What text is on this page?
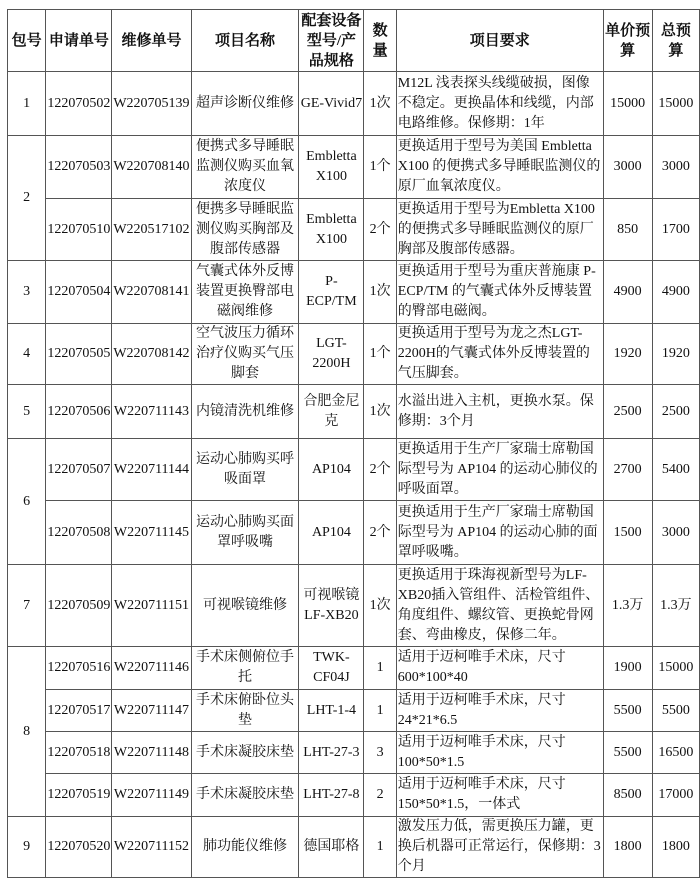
包号	申请单号	维修单号	项目名称	配套设备型号/产品规格	数量	项目要求	单价预算	总预算
1	122070502	W220705139	超声诊断仪维修	GE-Vivid7	1次	M12L 浅表探头线缆破损，图像不稳定。更换晶体和线缆，内部电路维修。保修期：1年	15000	15000
2	122070503	W220708140	便携式多导睡眠监测仪购买血氧浓度仪	Embletta X100	1个	更换适用于型号为美国 Embletta X100 的便携式多导睡眠监测仪的原厂血氧浓度仪。	3000	3000
	122070510	W220517102	便携多导睡眠监测仪购买胸部及腹部传感器	Embletta X100	2个	更换适用于型号为Embletta X100的便携式多导睡眠监测仪的原厂胸部及腹部传感器。	850	1700
3	122070504	W220708141	气囊式体外反博装置更换臀部电磁阀维修	P-ECP/TM	1次	更换适用于型号为重庆普施康 P-ECP/TM 的气囊式体外反博装置的臀部电磁阀。	4900	4900
4	122070505	W220708142	空气波压力循环治疗仪购买气压脚套	LGT-2200H	1个	更换适用于型号为龙之杰LGT-2200H的气囊式体外反博装置的气压脚套。	1920	1920
5	122070506	W220711143	内镜清洗机维修	合肥金尼克	1次	水溢出进入主机，更换水泵。保修期：3个月	2500	2500
6	122070507	W220711144	运动心肺购买呼吸面罩	AP104	2个	更换适用于生产厂家瑞士席勒国际型号为 AP104 的运动心肺仪的呼吸面罩。	2700	5400
	122070508	W220711145	运动心肺购买面罩呼吸嘴	AP104	2个	更换适用于生产厂家瑞士席勒国际型号为 AP104 的运动心肺的面罩呼吸嘴。	1500	3000
7	122070509	W220711151	可视喉镜维修	可视喉镜LF-XB20	1次	更换适用于珠海视新型号为LF-XB20插入管组件、活检管组件、角度组件、螺纹管、更换蛇骨网套、弯曲橡皮，保修二年。	1.3万	1.3万
8	122070516	W220711146	手术床侧俯位手托	TWK-CF04J	1	适用于迈柯唯手术床，尺寸 600*100*40	1900	15000
	122070517	W220711147	手术床俯卧位头垫	LHT-1-4	1	适用于迈柯唯手术床，尺寸 24*21*6.5	5500	5500
	122070518	W220711148	手术床凝胶床垫	LHT-27-3	3	适用于迈柯唯手术床，尺寸 100*50*1.5	5500	16500
	122070519	W220711149	手术床凝胶床垫	LHT-27-8	2	适用于迈柯唯手术床，尺寸 150*50*1.5，一体式	8500	17000
9	122070520	W220711152	肺功能仪维修	德国耶格	1	激发压力低，需更换压力罐，更换后机器可正常运行，保修期：3个月	1800	1800
